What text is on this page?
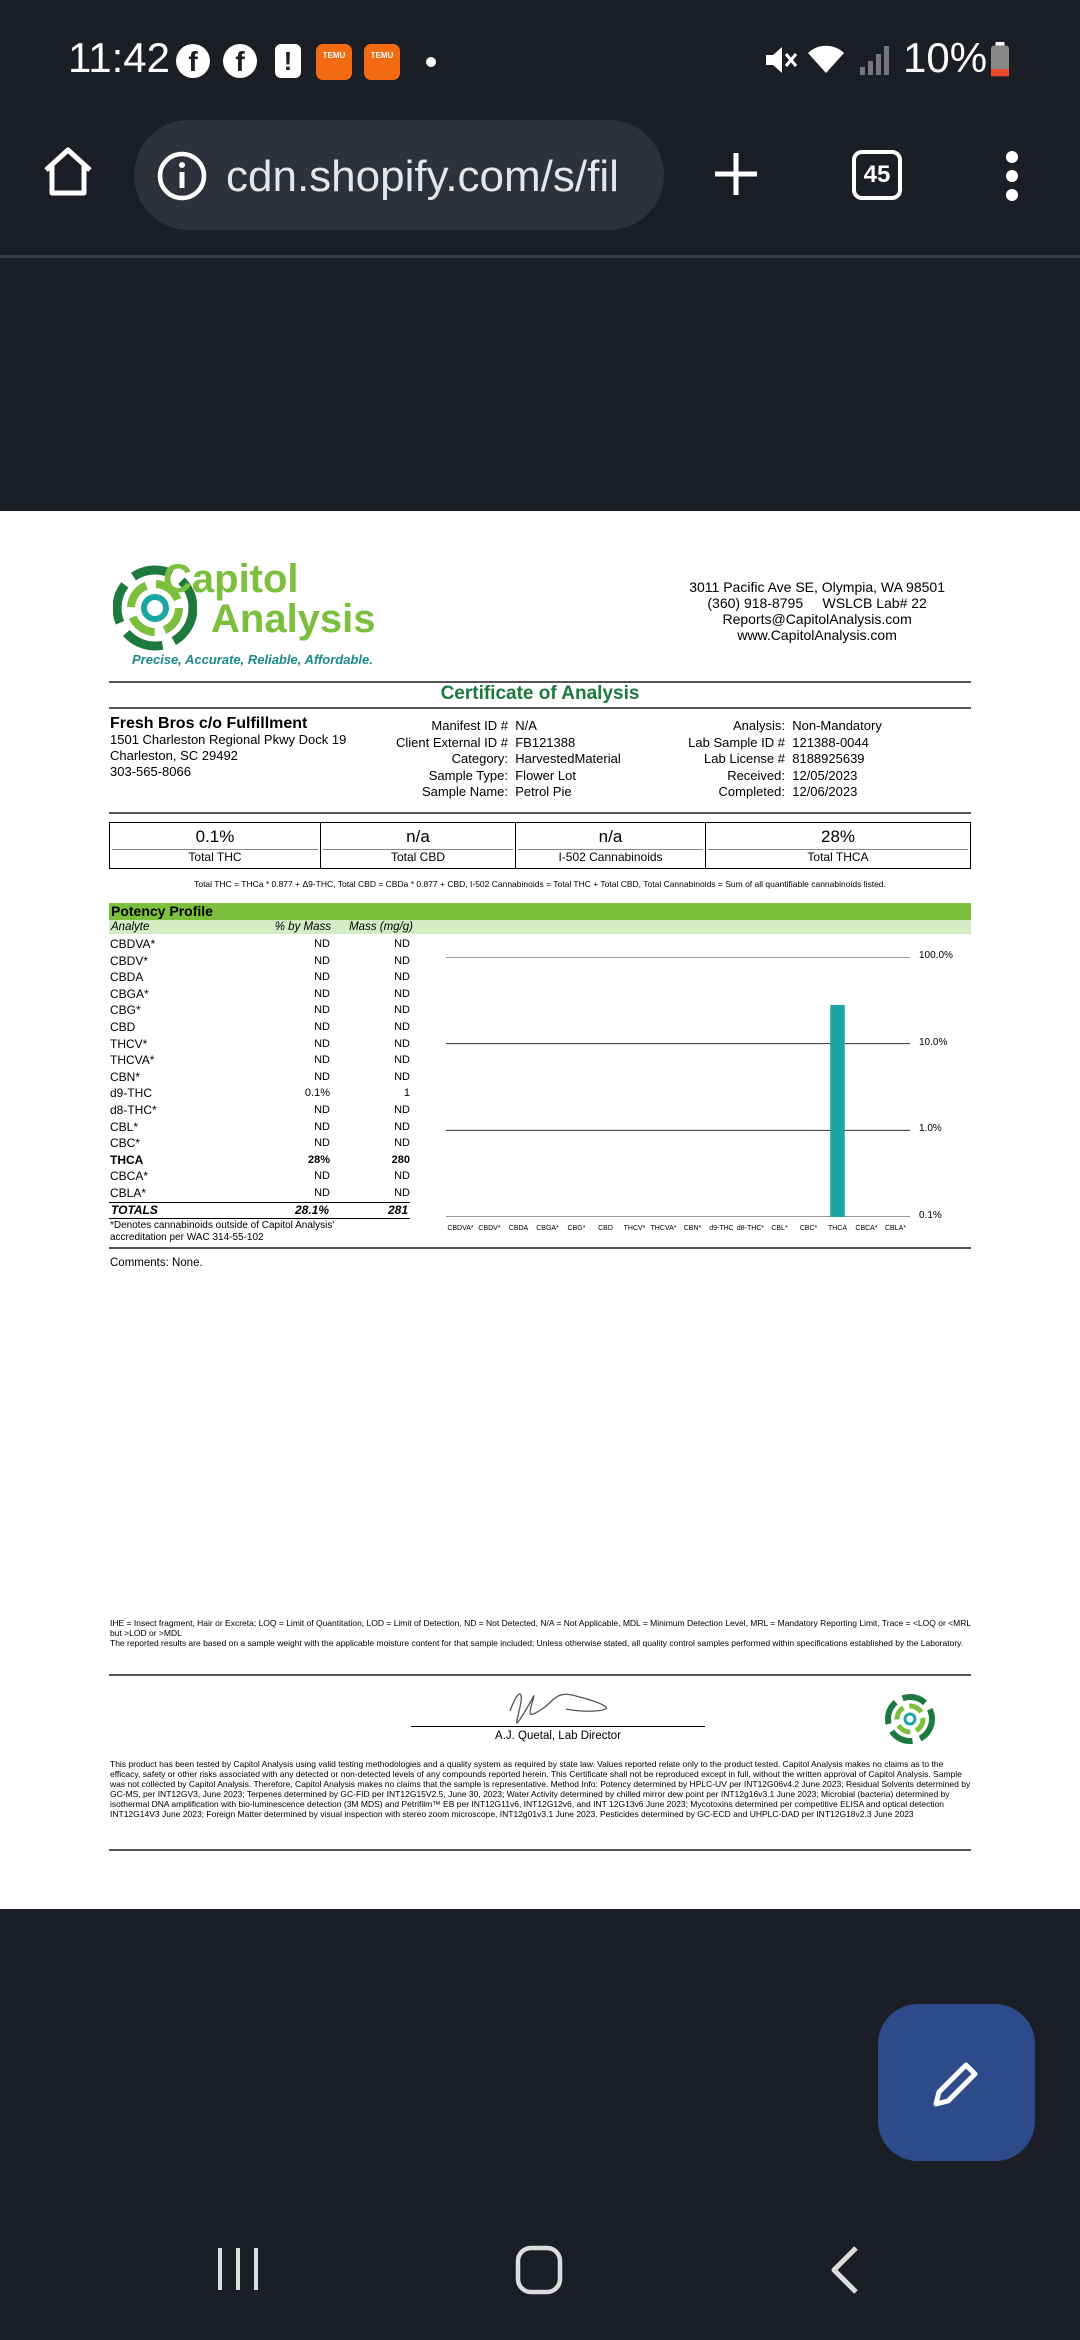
11:42 f	f	!	TEMU	TEMU	10%
cdn.shopify.com/s/fil	45
Capitol
Analysis
Precise, Accurate, Reliable, Affordable.
3011 Pacific Ave SE, Olympia, WA 98501
(360) 918-8795     WSLCB Lab# 22
Reports@CapitolAnalysis.com
www.CapitolAnalysis.com
Certificate of Analysis
Fresh Bros c/o Fulfillment
1501 Charleston Regional Pkwy Dock 19
Charleston, SC 29492
303-565-8066
Manifest ID # N/A
Client External ID # FB121388
Category: HarvestedMaterial
Sample Type: Flower Lot
Sample Name: Petrol Pie
Analysis: Non-Mandatory
Lab Sample ID # 121388-0044
Lab License # 8188925639
Received: 12/05/2023
Completed: 12/06/2023
0.1%
Total THC
n/a
Total CBD
n/a
I-502 Cannabinoids
28%
Total THCA
Total THC = THCa * 0.877 + Δ9-THC, Total CBD = CBDa * 0.877 + CBD, I-502 Cannabinoids = Total THC + Total CBD, Total Cannabinoids = Sum of all quantifiable cannabinoids listed.
Potency Profile
Analyte	% by Mass Mass (mg/g)
CBDVA*	ND	ND
CBDV*	ND	ND
CBDA	ND	ND
CBGA*	ND	ND
CBG*	ND	ND
CBD	ND	ND
THCV*	ND	ND
THCVA*	ND	ND
CBN*	ND	ND
d9-THC	0.1%	1
d8-THC*	ND	ND
CBL*	ND	ND
CBC*	ND	ND
THCA	28%	280
CBCA*	ND	ND
CBLA*	ND	ND
TOTALS	28.1%	281
*Denotes cannabinoids outside of Capitol Analysis' accreditation per WAC 314-55-102
Comments: None.
IHE = Insect fragment, Hair or Excreta; LOQ = Limit of Quantitation, LOD = Limit of Detection, ND = Not Detected, N/A = Not Applicable, MDL = Minimum Detection Level, MRL = Mandatory Reporting Limit, Trace = <LOQ or <MRL but >LOD or >MDL
The reported results are based on a sample weight with the applicable moisture content for that sample included; Unless otherwise stated, all quality control samples performed within specifications established by the Laboratory.
A.J. Quetal, Lab Director
This product has been tested by Capitol Analysis using valid testing methodologies and a quality system as required by state law. Values reported relate only to the product tested. Capitol Analysis makes no claims as to the efficacy, safety or other risks associated with any detected or non-detected levels of any compounds reported herein. This Certificate shall not be reproduced except in full, without the written approval of Capitol Analysis. Sample was not collected by Capitol Analysis. Therefore, Capitol Analysis makes no claims that the sample is representative. Method Info: Potency determined by HPLC-UV per INT12G06v4.2 June 2023; Residual Solvents determined by GC-MS, per INT12GV3, June 2023; Terpenes determined by GC-FID per INT12G15V2.5, June 30, 2023; Water Activity determined by chilled mirror dew point per INT12g16v3.1 June 2023; Microbial (bacteria) determined by isothermal DNA amplification with bio-luminescence detection (3M MDS) and Petrifilm™ EB per INT12G11v6, INT12G12v6, and INT 12G13v6 June 2023; Mycotoxins determined per competitive ELISA and optical detection INT12G14V3 June 2023; Foreign Matter determined by visual inspection with stereo zoom microscope, INT12g01v3.1 June 2023. Pesticides determined by GC-ECD and UHPLC-DAD per INT12G18v2.3 June 2023
100.0%
10.0%
1.0%
0.1%
CBDVA* CBDV*	CBDA	CBGA*	CBG*	CBD	THCV* THCVA*	CBN*	d9-THC d8-THC*	CBL*	CBC*	THCA	CBCA*	CBLA*
